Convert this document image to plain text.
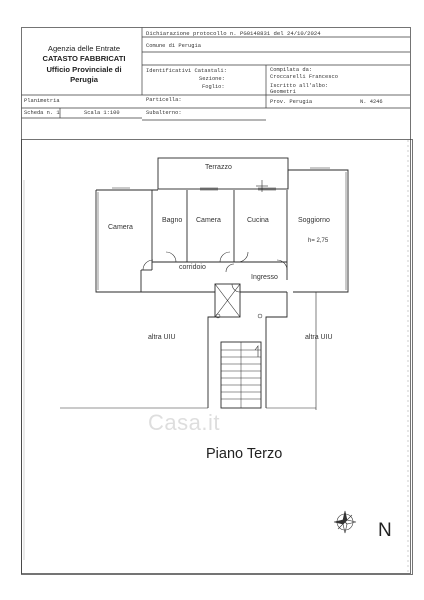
Agenzia delle Entrate
CATASTO FABBRICATI
Ufficio Provinciale di
Perugia
Dichiarazione protocollo n. PG0148831 del 24/10/2024
Comune di Perugia
Identificativi Catastali:
Sezione:
Foglio:
Particella:
Subalterno:
Compilata da:
Croccarelli Francesco
Iscritto all'albo:
Geometri
Prov. Perugia	N. 4246
Planimetria
Scheda n. 1	Scala 1:100
Terrazzo
Camera
Bagno Camera	Cucina	Soggiorno
h= 2,75
corridoio
Ingresso
altra UIU	altra UIU
Casa.it
Piano Terzo
N
